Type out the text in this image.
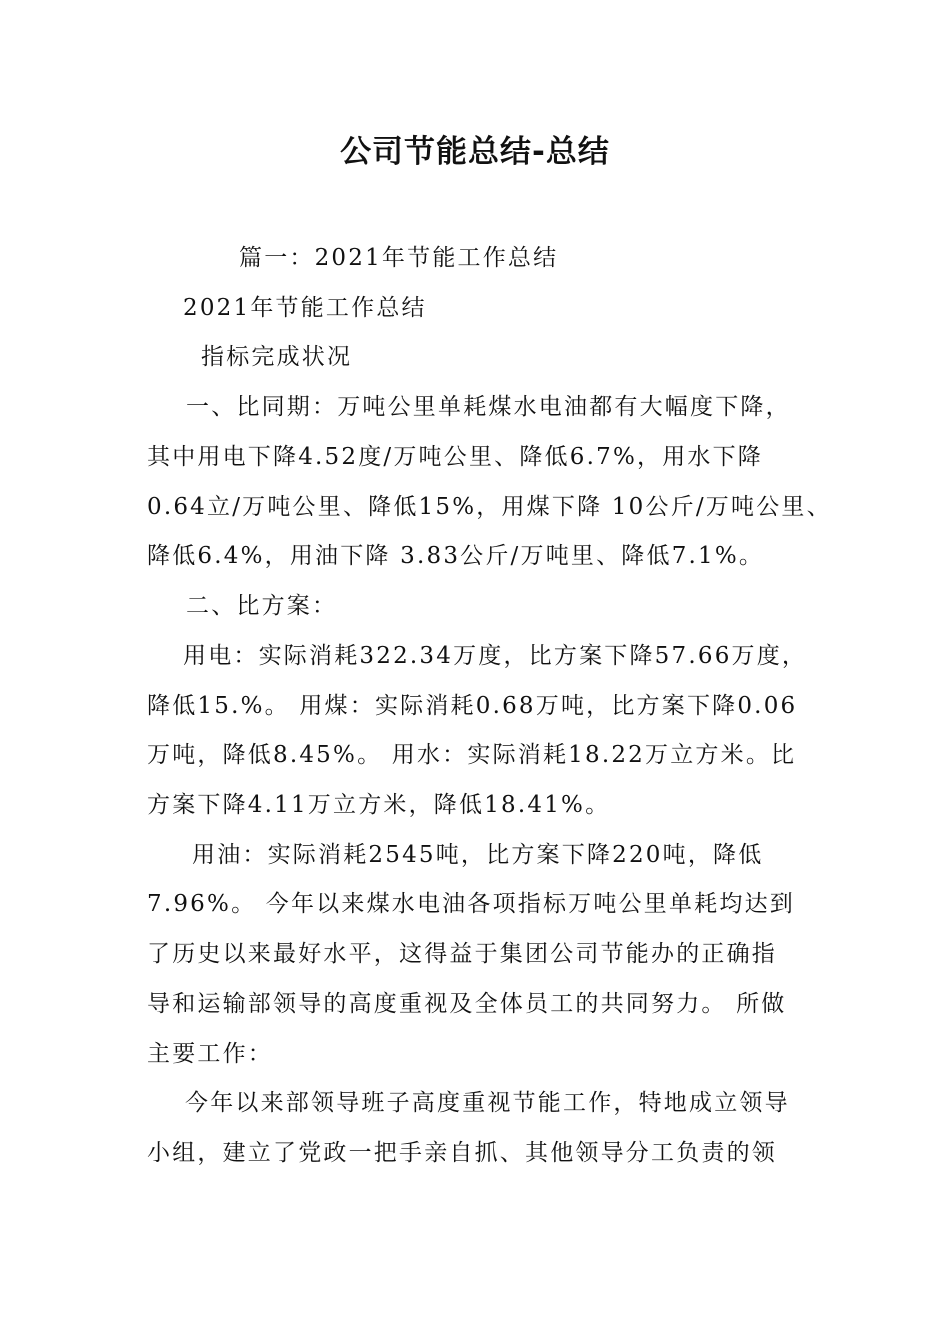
公司节能总结-总结
篇一：2021年节能工作总结
2021年节能工作总结
指标完成状况
一、比同期：万吨公里单耗煤水电油都有大幅度下降，
其中用电下降4.52度/万吨公里、降低6.7%，用水下降
0.64立/万吨公里、降低15%，用煤下降 10公斤/万吨公里、
降低6.4%，用油下降 3.83公斤/万吨里、降低7.1%。
二、比方案：
用电：实际消耗322.34万度，比方案下降57.66万度，
降低15.%。 用煤：实际消耗0.68万吨，比方案下降0.06
万吨，降低8.45%。 用水：实际消耗18.22万立方米。比
方案下降4.11万立方米，降低18.41%。
用油：实际消耗2545吨，比方案下降220吨，降低
7.96%。 今年以来煤水电油各项指标万吨公里单耗均达到
了历史以来最好水平，这得益于集团公司节能办的正确指
导和运输部领导的高度重视及全体员工的共同努力。 所做
主要工作：
今年以来部领导班子高度重视节能工作，特地成立领导
小组，建立了党政一把手亲自抓、其他领导分工负责的领
